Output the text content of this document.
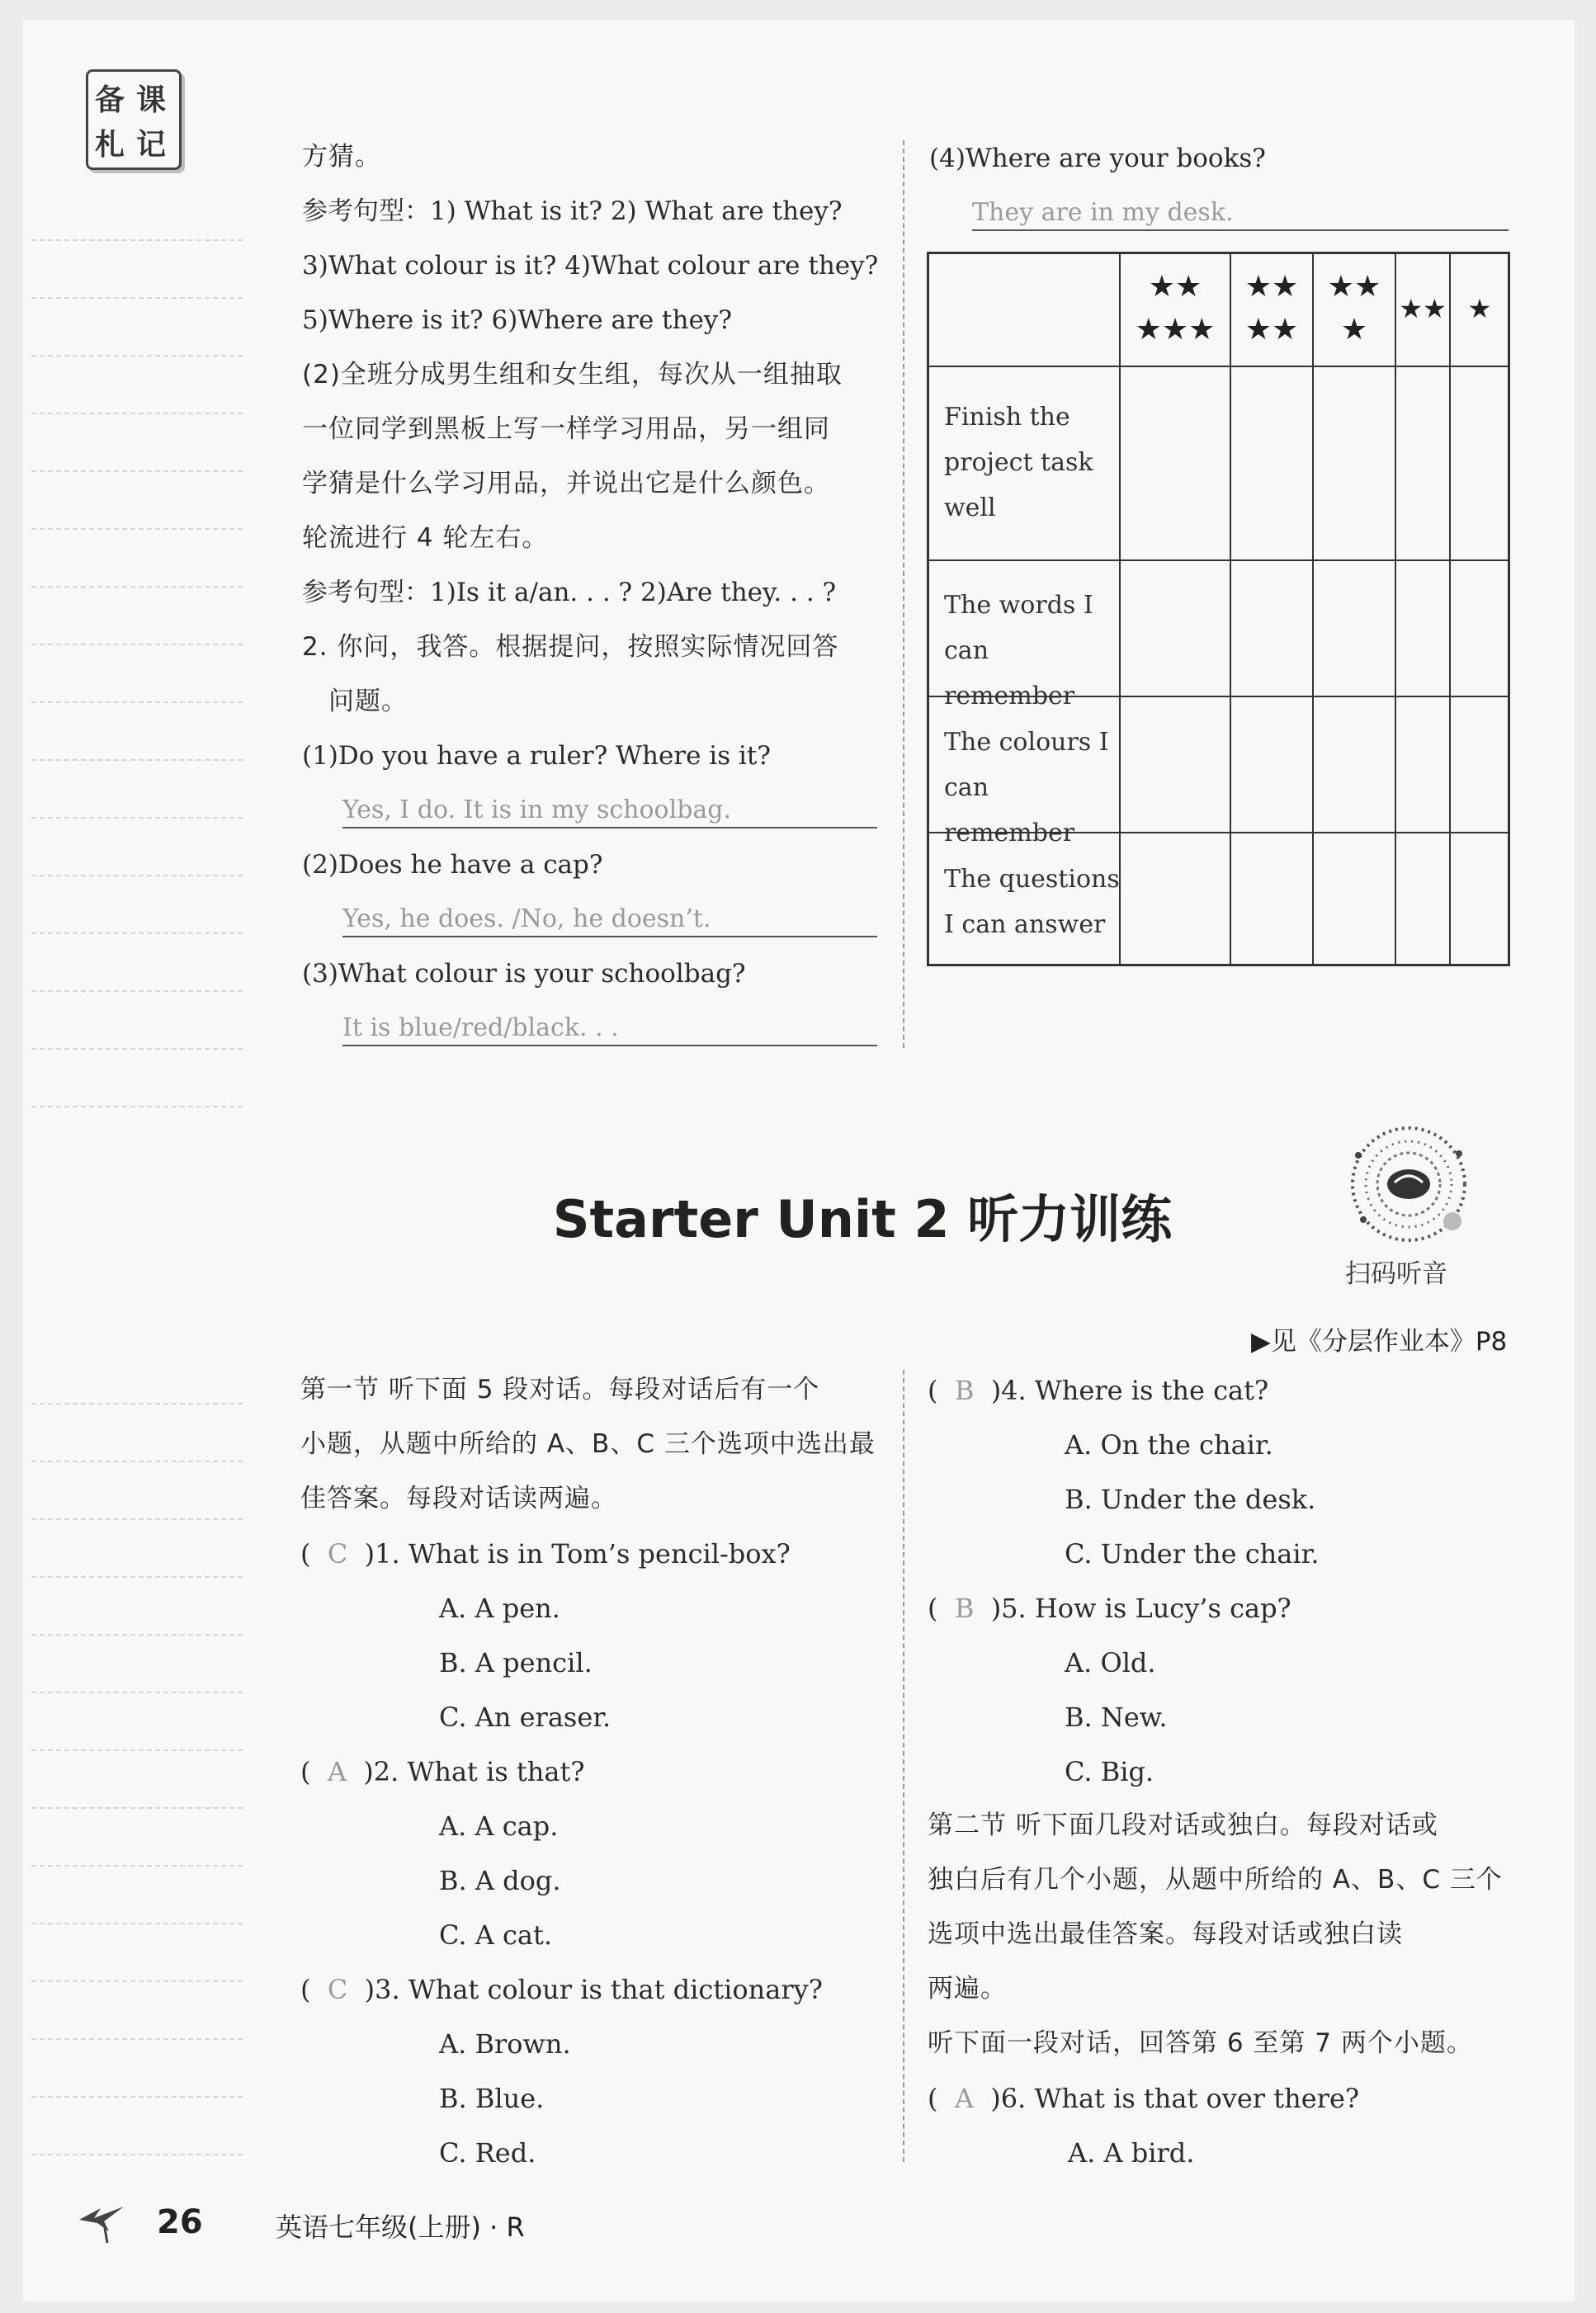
备 课
札 记	方猜。
参考句型：1) What is it? 2) What are they?
3)What colour is it? 4)What colour are they?
5)Where is it? 6)Where are they?
(2)全班分成男生组和女生组，每次从一组抽取
一位同学到黑板上写一样学习用品，另一组同
学猜是什么学习用品，并说出它是什么颜色。
轮流进行 4 轮左右。
参考句型：1)Is it a/an. . . ? 2)Are they. . . ?
2. 你问，我答。根据提问，按照实际情况回答
问题。
(1)Do you have a ruler? Where is it?
Yes, I do. It is in my schoolbag.
(2)Does he have a cap?
Yes, he does. /No, he doesn’t.
(3)What colour is your schoolbag?
It is blue/red/black. . .
(4)Where are your books?
They are in my desk.
★★
★★★
★★
★★
★★
★
★★ ★
Finish the project task well
The words I can remember
The colours I can remember
The questions I can answer
Starter Unit 2 听力训练
扫码听音
▶见《分层作业本》P8
第一节 听下面 5 段对话。每段对话后有一个
小题，从题中所给的 A、B、C 三个选项中选出最
佳答案。每段对话读两遍。
(  C  )1. What is in Tom’s pencil-box?
A. A pen.
B. A pencil.
C. An eraser.
(  A  )2. What is that?
A. A cap.
B. A dog.
C. A cat.
(  C  )3. What colour is that dictionary?
A. Brown.
B. Blue.
C. Red.
(  B  )4. Where is the cat?
A. On the chair.
B. Under the desk.
C. Under the chair.
(  B  )5. How is Lucy’s cap?
A. Old.
B. New.
C. Big.
第二节 听下面几段对话或独白。每段对话或
独白后有几个小题，从题中所给的 A、B、C 三个
选项中选出最佳答案。每段对话或独白读
两遍。
听下面一段对话，回答第 6 至第 7 两个小题。
(  A  )6. What is that over there?
A. A bird.
26	英语七年级(上册) · R
